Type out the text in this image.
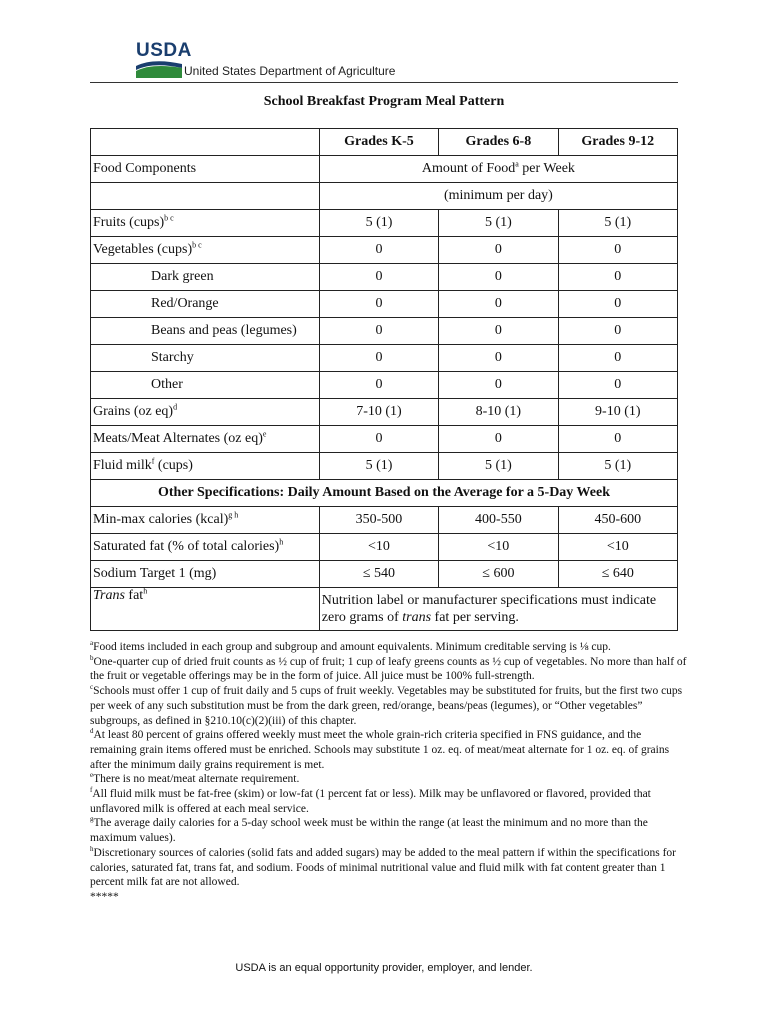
USDA
United States Department of Agriculture
School Breakfast Program Meal Pattern
	Grades K-5	Grades 6-8	Grades 9-12
Food Components	Amount of Food$^a$ per Week		
	(minimum per day)		
Fruits (cups)$^{b c}$	5 (1)	5 (1)	5 (1)
Vegetables (cups)$^{b c}$	0	0	0
Dark green	0	0	0
Red/Orange	0	0	0
Beans and peas (legumes)	0	0	0
Starchy	0	0	0
Other	0	0	0
Grains (oz eq)$^d$	7-10 (1)	8-10 (1)	9-10 (1)
Meats/Meat Alternates (oz eq)$^e$	0	0	0
Fluid milk$^f$ (cups)	5 (1)	5 (1)	5 (1)
Other Specifications: Daily Amount Based on the Average for a 5-Day Week			
Min-max calories (kcal)$^{g h}$	350-500	400-550	450-600
Saturated fat (% of total calories)$^h$	<10	<10	<10
Sodium Target 1 (mg)	≤ 540	≤ 600	≤ 640
Trans fat$^h$	Nutrition label or manufacturer specifications must indicate zero grams of trans fat per serving.		

$^a$Food items included in each group and subgroup and amount equivalents. Minimum creditable serving is ⅛ cup.

$^b$One-quarter cup of dried fruit counts as ½ cup of fruit; 1 cup of leafy greens counts as ½ cup of vegetables. No more than half of the fruit or vegetable offerings may be in the form of juice. All juice must be 100% full-strength.

$^c$Schools must offer 1 cup of fruit daily and 5 cups of fruit weekly. Vegetables may be substituted for fruits, but the first two cups per week of any such substitution must be from the dark green, red/orange, beans/peas (legumes), or “Other vegetables” subgroups, as defined in §210.10(c)(2)(iii) of this chapter.

$^d$At least 80 percent of grains offered weekly must meet the whole grain-rich criteria specified in FNS guidance, and the remaining grain items offered must be enriched. Schools may substitute 1 oz. eq. of meat/meat alternate for 1 oz. eq. of grains after the minimum daily grains requirement is met.

$^e$There is no meat/meat alternate requirement.

$^f$All fluid milk must be fat-free (skim) or low-fat (1 percent fat or less). Milk may be unflavored or flavored, provided that unflavored milk is offered at each meal service.

$^g$The average daily calories for a 5-day school week must be within the range (at least the minimum and no more than the maximum values).

$^h$Discretionary sources of calories (solid fats and added sugars) may be added to the meal pattern if within the specifications for calories, saturated fat, trans fat, and sodium. Foods of minimal nutritional value and fluid milk with fat content greater than 1 percent milk fat are not allowed.

*****

USDA is an equal opportunity provider, employer, and lender.
